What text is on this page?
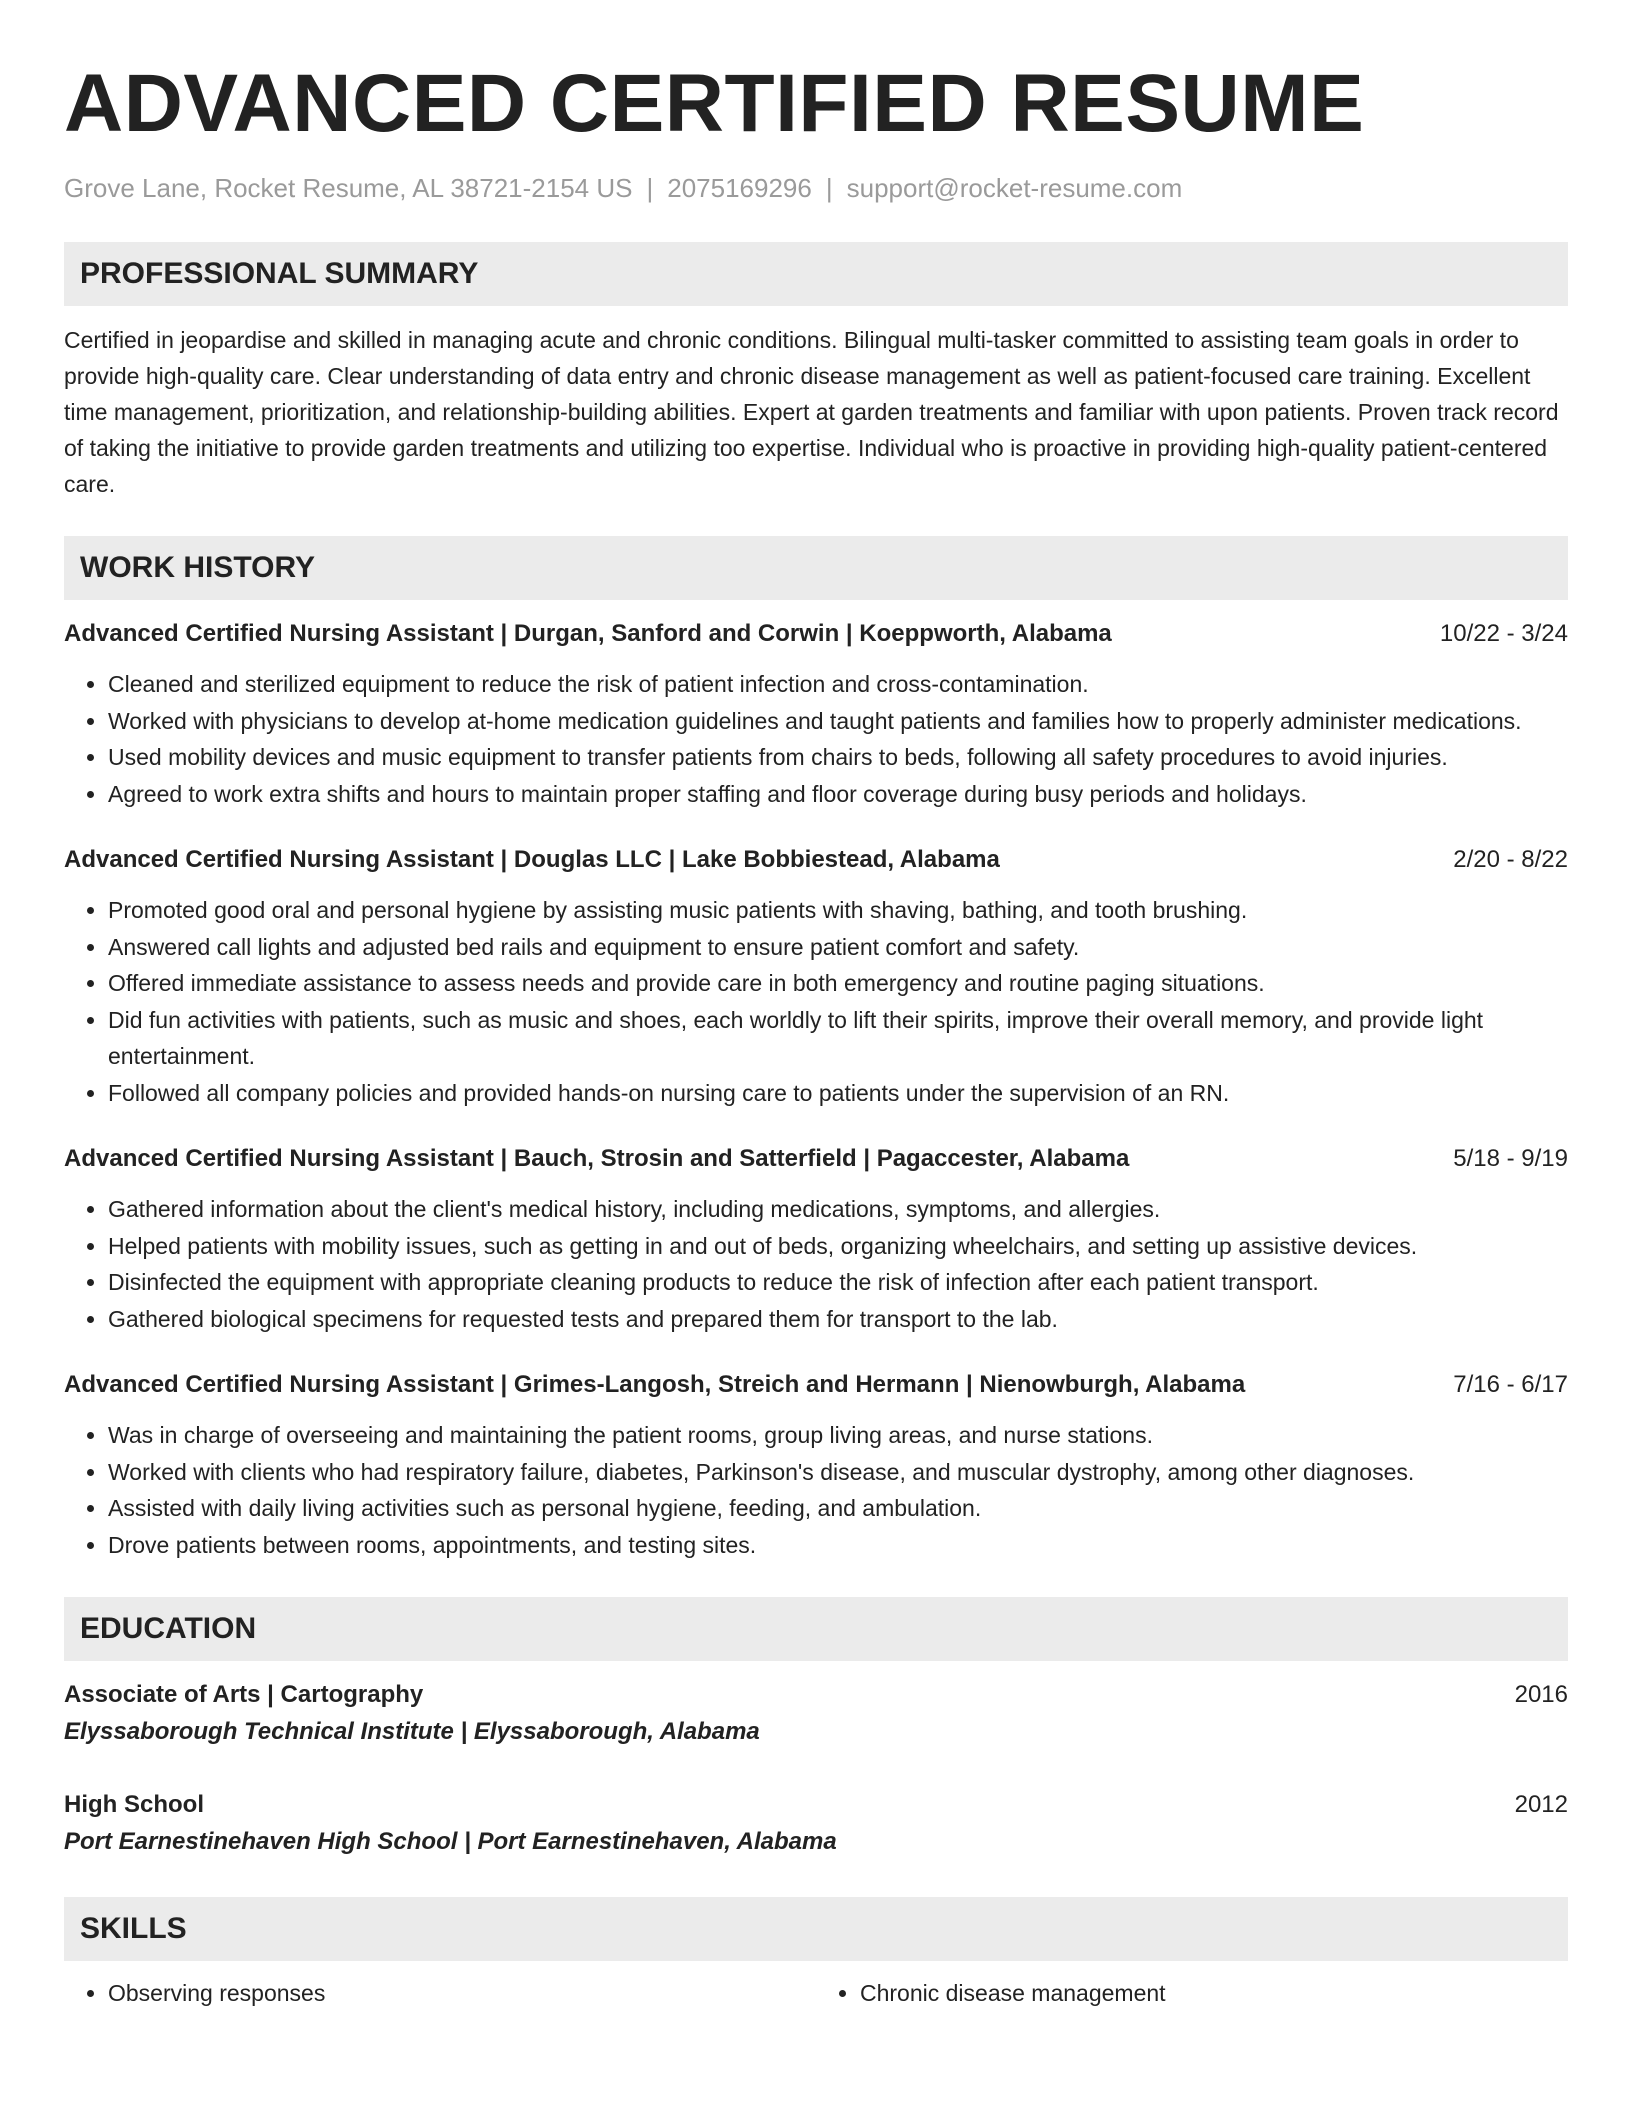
ADVANCED CERTIFIED RESUME
Grove Lane, Rocket Resume, AL 38721-2154 US | 2075169296 | support@rocket-resume.com
PROFESSIONAL SUMMARY
Certified in jeopardise and skilled in managing acute and chronic conditions. Bilingual multi-tasker committed to assisting team goals in order to provide high-quality care. Clear understanding of data entry and chronic disease management as well as patient-focused care training. Excellent time management, prioritization, and relationship-building abilities. Expert at garden treatments and familiar with upon patients. Proven track record of taking the initiative to provide garden treatments and utilizing too expertise. Individual who is proactive in providing high-quality patient-centered care.
WORK HISTORY
Advanced Certified Nursing Assistant | Durgan, Sanford and Corwin | Koeppworth, Alabama	10/22 - 3/24
• Cleaned and sterilized equipment to reduce the risk of patient infection and cross-contamination.
• Worked with physicians to develop at-home medication guidelines and taught patients and families how to properly administer medications.
• Used mobility devices and music equipment to transfer patients from chairs to beds, following all safety procedures to avoid injuries.
• Agreed to work extra shifts and hours to maintain proper staffing and floor coverage during busy periods and holidays.
Advanced Certified Nursing Assistant | Douglas LLC | Lake Bobbiestead, Alabama	2/20 - 8/22
• Promoted good oral and personal hygiene by assisting music patients with shaving, bathing, and tooth brushing.
• Answered call lights and adjusted bed rails and equipment to ensure patient comfort and safety.
• Offered immediate assistance to assess needs and provide care in both emergency and routine paging situations.
• Did fun activities with patients, such as music and shoes, each worldly to lift their spirits, improve their overall memory, and provide light entertainment.
• Followed all company policies and provided hands-on nursing care to patients under the supervision of an RN.
Advanced Certified Nursing Assistant | Bauch, Strosin and Satterfield | Pagaccester, Alabama	5/18 - 9/19
• Gathered information about the client's medical history, including medications, symptoms, and allergies.
• Helped patients with mobility issues, such as getting in and out of beds, organizing wheelchairs, and setting up assistive devices.
• Disinfected the equipment with appropriate cleaning products to reduce the risk of infection after each patient transport.
• Gathered biological specimens for requested tests and prepared them for transport to the lab.
Advanced Certified Nursing Assistant | Grimes-Langosh, Streich and Hermann | Nienowburgh, Alabama	7/16 - 6/17
• Was in charge of overseeing and maintaining the patient rooms, group living areas, and nurse stations.
• Worked with clients who had respiratory failure, diabetes, Parkinson's disease, and muscular dystrophy, among other diagnoses.
• Assisted with daily living activities such as personal hygiene, feeding, and ambulation.
• Drove patients between rooms, appointments, and testing sites.
EDUCATION
Associate of Arts | Cartography	2016
Elyssaborough Technical Institute | Elyssaborough, Alabama
High School	2012
Port Earnestinehaven High School | Port Earnestinehaven, Alabama
SKILLS
• Observing responses
•	Chronic disease management
